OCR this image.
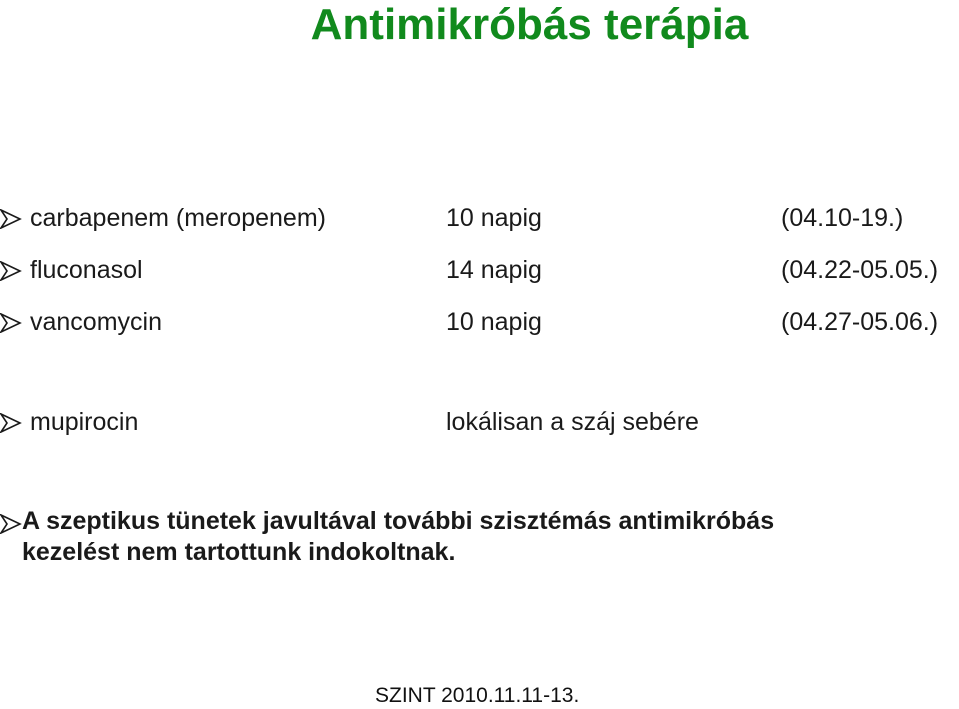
Antimikróbás terápia
carbapenem (meropenem)	10 napig	(04.10-19.)
fluconasol	14 napig	(04.22-05.05.)
vancomycin	10 napig	(04.27-05.06.)
mupirocin	lokálisan a száj sebére
A szeptikus tünetek javultával további szisztémás antimikróbás
kezelést nem tartottunk indokoltnak.
SZINT 2010.11.11-13.
